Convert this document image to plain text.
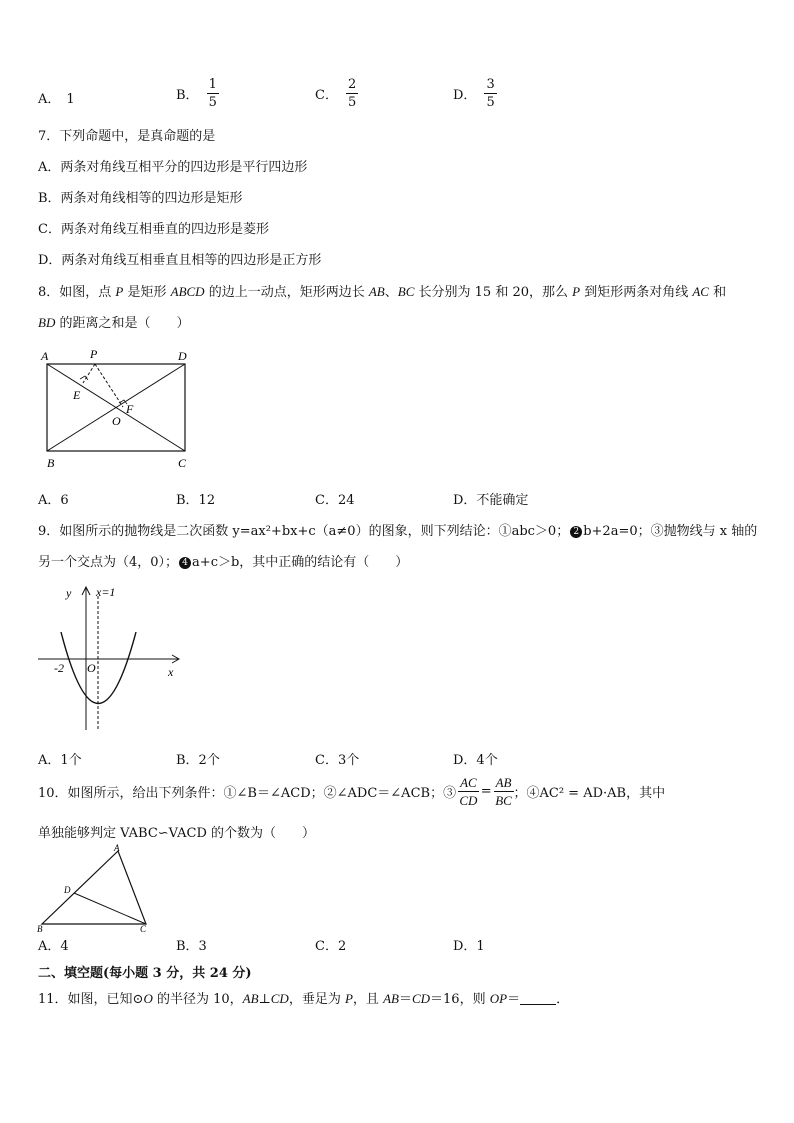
A． 1	B． $\frac{1}{5}$	C． $\frac{2}{5}$	D． $\frac{3}{5}$
7．下列命题中，是真命题的是
A．两条对角线互相平分的四边形是平行四边形
B．两条对角线相等的四边形是矩形
C．两条对角线互相垂直的四边形是菱形
D．两条对角线互相垂直且相等的四边形是正方形
8．如图，点 P 是矩形 ABCD 的边上一动点，矩形两边长 AB、BC 长分别为 15 和 20，那么 P 到矩形两条对角线 AC 和
BD 的距离之和是（　　）
A	P	D
E
F
O
B	C
A．6	B．12	C．24	D．不能确定
9．如图所示的抛物线是二次函数 y=ax²+bx+c（a≠0）的图象，则下列结论：①abc＞0； 2 b+2a=0；③抛物线与 x 轴的
另一个交点为（4，0）； 4 a+c＞b，其中正确的结论有（　　）
y x=1
-2 O	x
A．1个	B．2个	C．3个	D．4个
10．如图所示，给出下列条件：①∠B＝∠ACD；②∠ADC＝∠ACB；③ $\frac{AC}{CD} = \frac{AB}{BC}$ ；④AC² = AD·AB，其中
单独能够判定 VABC∽VACD 的个数为（　　）
A
D
B	C
A．4	B．3	C．2	D．1
二、填空题(每小题 3 分，共 24 分)
11．如图，已知⊙O 的半径为 10，AB⊥CD，垂足为 P，且 AB＝CD＝16，则 OP＝	．
